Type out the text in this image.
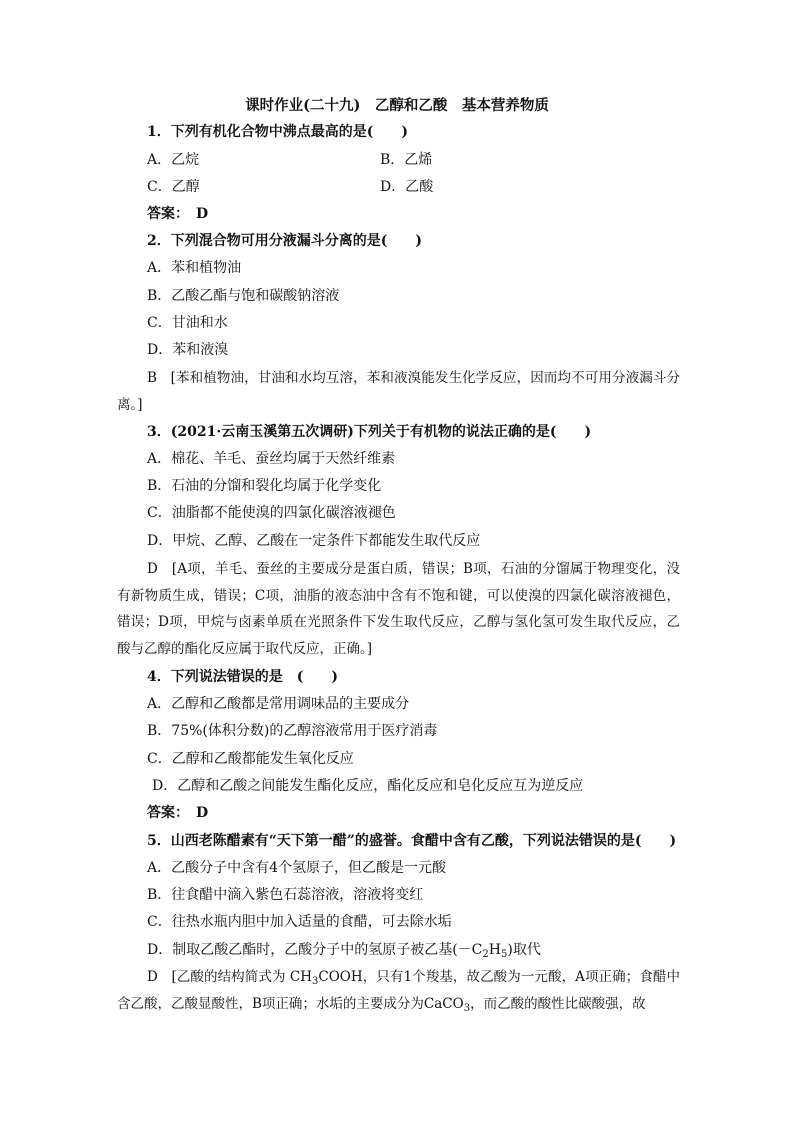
课时作业(二十九)　乙醇和乙酸　基本营养物质
1．下列有机化合物中沸点最高的是(　　)
A．乙烷	B．乙烯
C．乙醇	D．乙酸
答案：　D
2．下列混合物可用分液漏斗分离的是(　　)
A．苯和植物油
B．乙酸乙酯与饱和碳酸钠溶液
C．甘油和水
D．苯和液溴
B　[苯和植物油，甘油和水均互溶，苯和液溴能发生化学反应，因而均不可用分液漏斗分离。]
3．(2021·云南玉溪第五次调研)下列关于有机物的说法正确的是(　　)
A．棉花、羊毛、蚕丝均属于天然纤维素
B．石油的分馏和裂化均属于化学变化
C．油脂都不能使溴的四氯化碳溶液褪色
D．甲烷、乙醇、乙酸在一定条件下都能发生取代反应
D　[A项，羊毛、蚕丝的主要成分是蛋白质，错误；B项，石油的分馏属于物理变化，没有新物质生成，错误；C项，油脂的液态油中含有不饱和键，可以使溴的四氯化碳溶液褪色，错误；D项，甲烷与卤素单质在光照条件下发生取代反应，乙醇与氢化氢可发生取代反应，乙酸与乙醇的酯化反应属于取代反应，正确。]
4．下列说法错误的是　(　　)
A．乙醇和乙酸都是常用调味品的主要成分
B．75%(体积分数)的乙醇溶液常用于医疗消毒
C．乙醇和乙酸都能发生氧化反应
D．乙醇和乙酸之间能发生酯化反应，酯化反应和皂化反应互为逆反应
答案：　D
5．山西老陈醋素有“天下第一醋”的盛誉。食醋中含有乙酸，下列说法错误的是(　　)
A．乙酸分子中含有4个氢原子，但乙酸是一元酸
B．往食醋中滴入紫色石蕊溶液，溶液将变红
C．往热水瓶内胆中加入适量的食醋，可去除水垢
D．制取乙酸乙酯时，乙酸分子中的氢原子被乙基$(-C_2H_5)$取代
D　[乙酸的结构简式为 $CH_3COOH$，只有1个羧基，故乙酸为一元酸，A项正确；食醋中含乙酸，乙酸显酸性，B项正确；水垢的主要成分为CaCO$_3$，而乙酸的酸性比碳酸强，故
